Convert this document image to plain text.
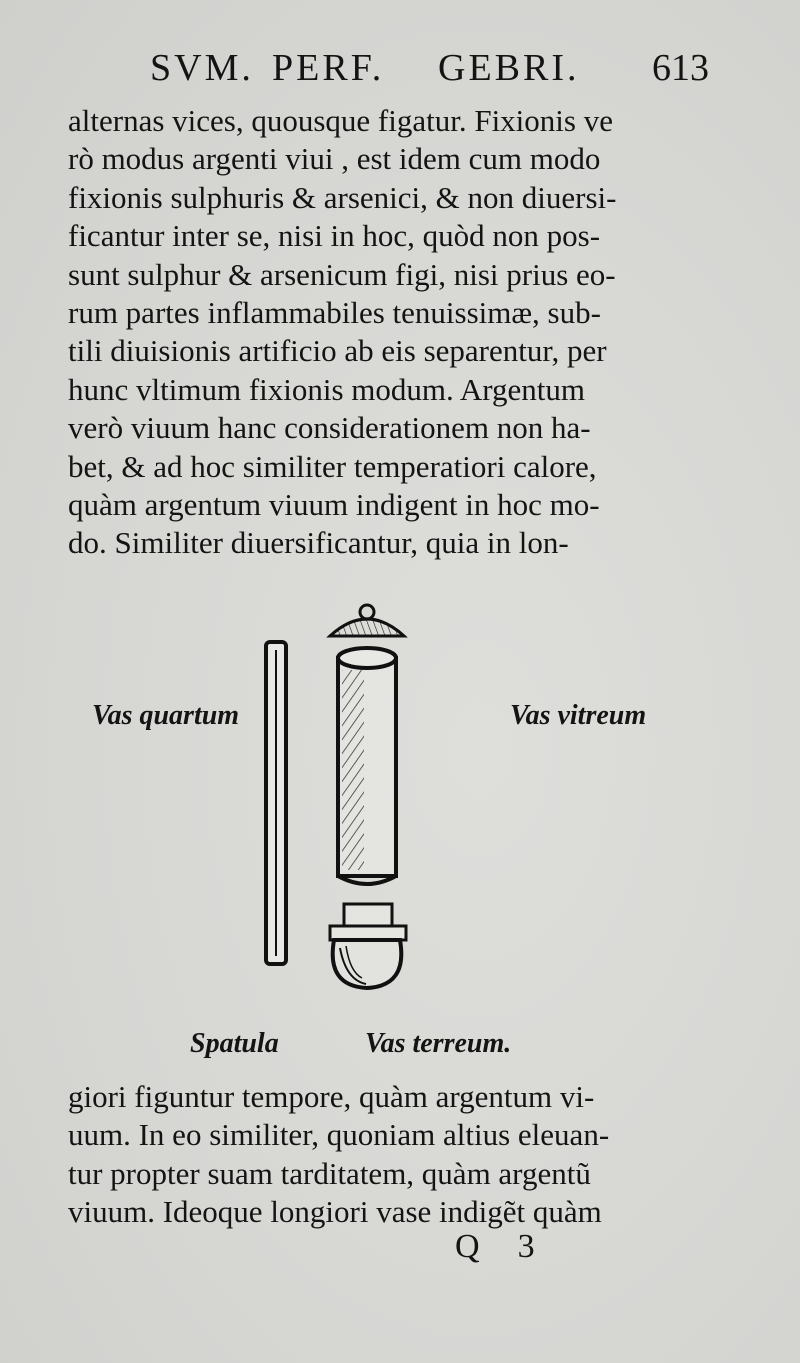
SVM. PERF. GEBRI. 613
alternas vices, quousque figatur. Fixionis ve
rò modus argenti viui , est idem cum modo
fixionis sulphuris & arsenici, & non diuersi-
ficantur inter se, nisi in hoc, quòd non pos-
sunt sulphur & arsenicum figi, nisi prius eo-
rum partes inflammabiles tenuissimæ, sub-
tili diuisionis artificio ab eis separentur, per
hunc vltimum fixionis modum. Argentum
verò viuum hanc considerationem non ha-
bet, & ad hoc similiter temperatiori calore,
quàm argentum viuum indigent in hoc mo-
do. Similiter diuersificantur, quia in lon-
Vas quartum	Vas vitreum
Spatula	Vas terreum.
giori figuntur tempore, quàm argentum vi-
uum. In eo similiter, quoniam altius eleuan-
tur propter suam tarditatem, quàm argentũ
viuum. Ideoque longiori vase indigẽt quàm
Q 3
